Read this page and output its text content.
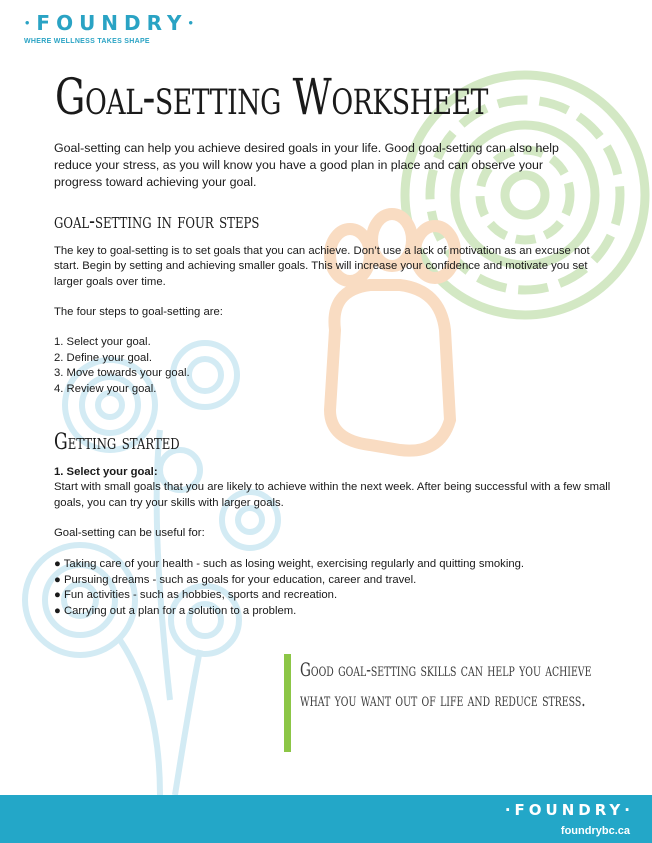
•FOUNDRY•
WHERE WELLNESS TAKES SHAPE
Goal-setting Worksheet
Goal-setting can help you achieve desired goals in your life. Good goal-setting can also help reduce your stress, as you will know you have a good plan in place and can observe your progress toward achieving your goal.
goal-setting in four steps
The key to goal-setting is to set goals that you can achieve. Don’t use a lack of motivation as an excuse not start. Begin by setting and achieving smaller goals. This will increase your confidence and motivate you set larger goals over time.
The four steps to goal-setting are:
1. Select your goal.
2. Define your goal.
3. Move towards your goal.
4. Review your goal.
Getting started
1. Select your goal:
Start with small goals that you are likely to achieve within the next week. After being successful with a few small goals, you can try your skills with larger goals.
Goal-setting can be useful for:
● Taking care of your health - such as losing weight, exercising regularly and quitting smoking.
● Pursuing dreams - such as goals for your education, career and travel.
● Fun activities - such as hobbies, sports and recreation.
● Carrying out a plan for a solution to a problem.
Good goal-setting skills can help you achieve what you want out of life and reduce stress.
·FOUNDRY·
foundrybc.ca
